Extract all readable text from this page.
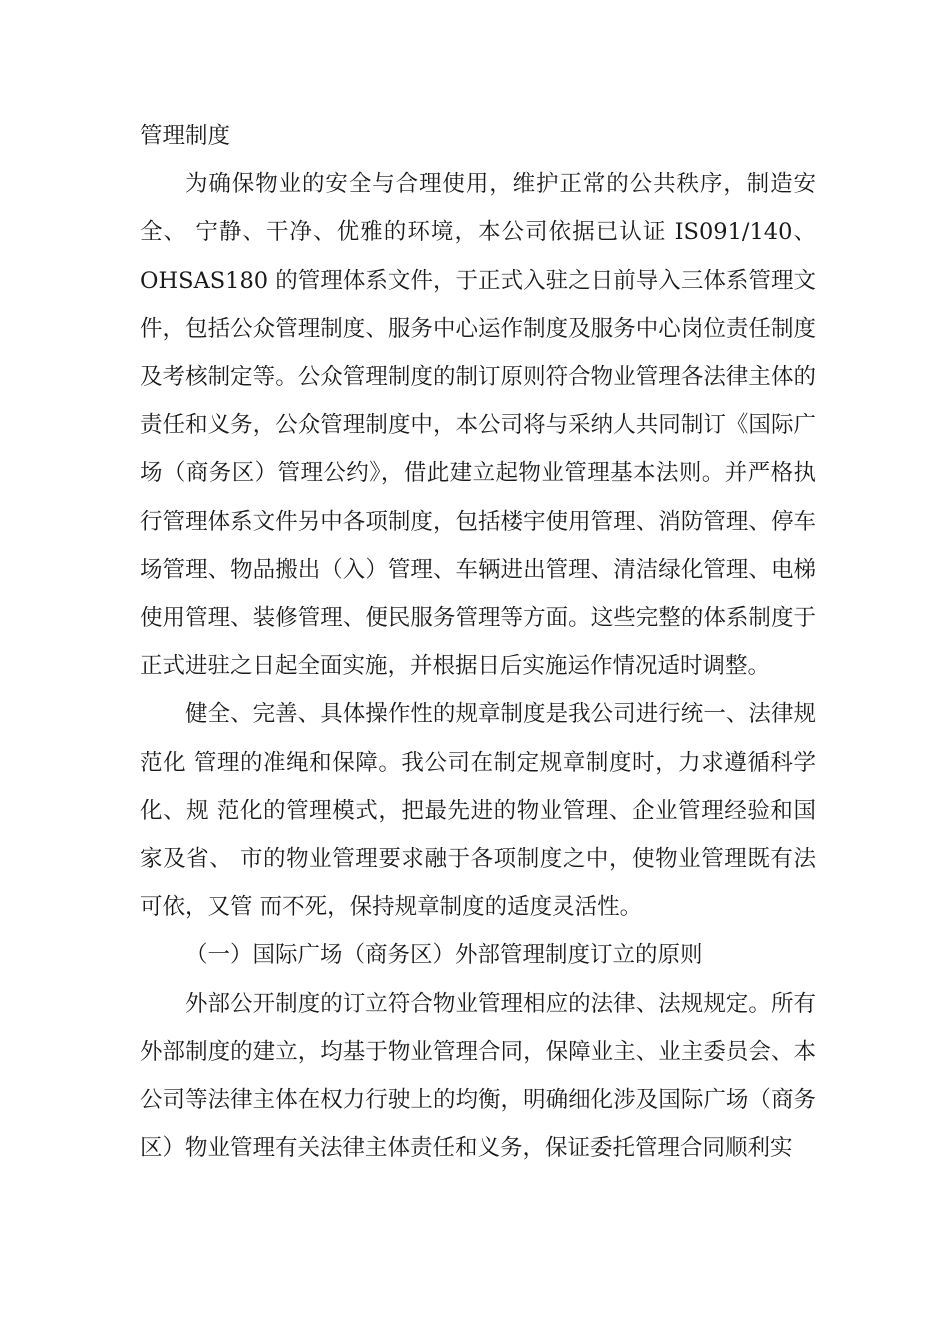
管理制度

为确保物业的安全与合理使用，维护正常的公共秩序，制造安全、 宁静、干净、优雅的环境，本公司依据已认证 IS091/140、OHSAS180 的管理体系文件，于正式入驻之日前导入三体系管理文件，包括公众管理制度、服务中心运作制度及服务中心岗位责任制度及考核制定等。公众管理制度的制订原则符合物业管理各法律主体的责任和义务，公众管理制度中，本公司将与采纳人共同制订《国际广场（商务区）管理公约》，借此建立起物业管理基本法则。并严格执行管理体系文件另中各项制度，包括楼宇使用管理、消防管理、停车场管理、物品搬出（入）管理、车辆进出管理、清洁绿化管理、电梯使用管理、装修管理、便民服务管理等方面。这些完整的体系制度于正式进驻之日起全面实施，并根据日后实施运作情况适时调整。

健全、完善、具体操作性的规章制度是我公司进行统一、法律规范化 管理的准绳和保障。我公司在制定规章制度时，力求遵循科学化、规 范化的管理模式，把最先进的物业管理、企业管理经验和国家及省、 市的物业管理要求融于各项制度之中，使物业管理既有法可依，又管 而不死，保持规章制度的适度灵活性。

（一）国际广场（商务区）外部管理制度订立的原则

外部公开制度的订立符合物业管理相应的法律、法规规定。所有外部制度的建立，均基于物业管理合同，保障业主、业主委员会、本公司等法律主体在权力行驶上的均衡，明确细化涉及国际广场（商务区）物业管理有关法律主体责任和义务，保证委托管理合同顺利实
